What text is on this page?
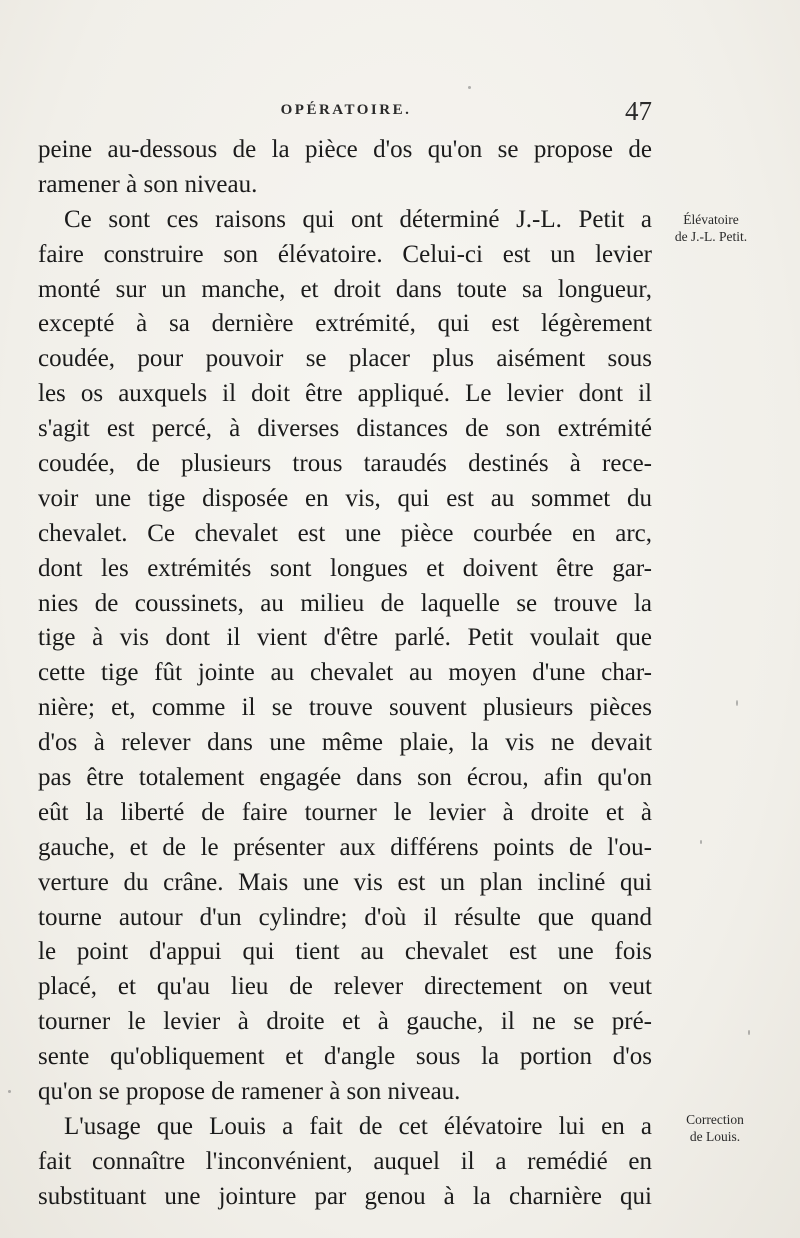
OPÉRATOIRE.	47
peine au-dessous de la pièce d'os qu'on se propose de
ramener à son niveau.
Ce sont ces raisons qui ont déterminé J.-L. Petit a
faire construire son élévatoire. Celui-ci est un levier
monté sur un manche, et droit dans toute sa longueur,
excepté à sa dernière extrémité, qui est légèrement
coudée, pour pouvoir se placer plus aisément sous
les os auxquels il doit être appliqué. Le levier dont il
s'agit est percé, à diverses distances de son extrémité
coudée, de plusieurs trous taraudés destinés à rece-
voir une tige disposée en vis, qui est au sommet du
chevalet. Ce chevalet est une pièce courbée en arc,
dont les extrémités sont longues et doivent être gar-
nies de coussinets, au milieu de laquelle se trouve la
tige à vis dont il vient d'être parlé. Petit voulait que
cette tige fût jointe au chevalet au moyen d'une char-
nière; et, comme il se trouve souvent plusieurs pièces
d'os à relever dans une même plaie, la vis ne devait
pas être totalement engagée dans son écrou, afin qu'on
eût la liberté de faire tourner le levier à droite et à
gauche, et de le présenter aux différens points de l'ou-
verture du crâne. Mais une vis est un plan incliné qui
tourne autour d'un cylindre; d'où il résulte que quand
le point d'appui qui tient au chevalet est une fois
placé, et qu'au lieu de relever directement on veut
tourner le levier à droite et à gauche, il ne se pré-
sente qu'obliquement et d'angle sous la portion d'os
qu'on se propose de ramener à son niveau.
L'usage que Louis a fait de cet élévatoire lui en a
fait connaître l'inconvénient, auquel il a remédié en
substituant une jointure par genou à la charnière qui
Élévatoire
de J.-L. Petit.
Correction
de Louis.
